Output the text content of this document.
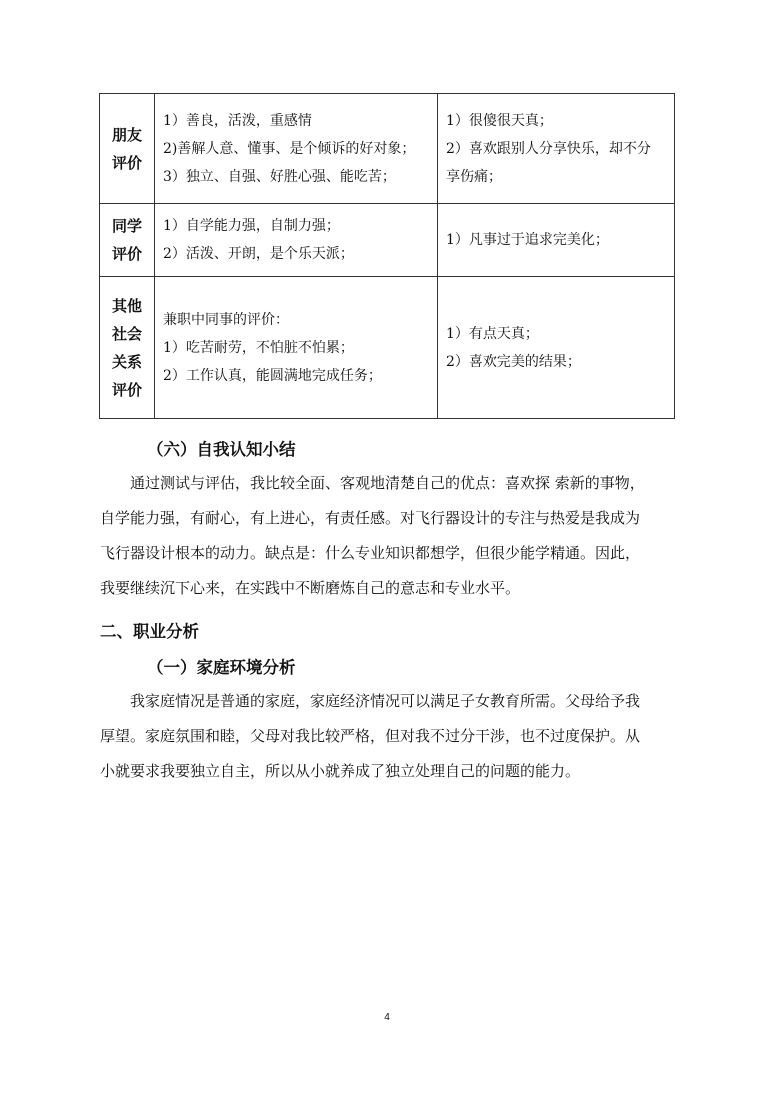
朋友
评价	1）善良，活泼，重感情
2)善解人意、懂事、是个倾诉的好对象；
3）独立、自强、好胜心强、能吃苦；	1）很傻很天真；
2）喜欢跟别人分享快乐，却不分
享伤痛；

同学
评价	1）自学能力强，自制力强；
2）活泼、开朗，是个乐天派；	1）凡事过于追求完美化；

其他
社会
关系
评价	兼职中同事的评价：
1）吃苦耐劳，不怕脏不怕累；
2）工作认真，能圆满地完成任务；	1）有点天真；
2）喜欢完美的结果；
（六）自我认知小结
通过测试与评估，我比较全面、客观地清楚自己的优点：喜欢探 索新的事物，
自学能力强，有耐心，有上进心，有责任感。对飞行器设计的专注与热爱是我成为
飞行器设计根本的动力。缺点是：什么专业知识都想学，但很少能学精通。因此，
我要继续沉下心来，在实践中不断磨炼自己的意志和专业水平。
二、职业分析
（一）家庭环境分析
我家庭情况是普通的家庭，家庭经济情况可以满足子女教育所需。父母给予我
厚望。家庭氛围和睦，父母对我比较严格，但对我不过分干涉，也不过度保护。从
小就要求我要独立自主，所以从小就养成了独立处理自己的问题的能力。
4
